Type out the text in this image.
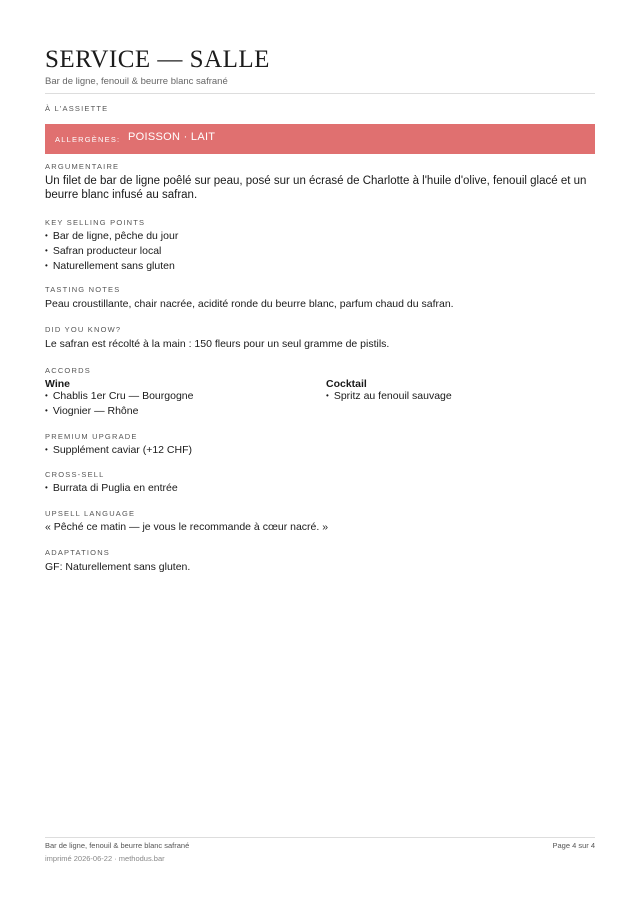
SERVICE — SALLE
Bar de ligne, fenouil & beurre blanc safrané
À L'ASSIETTE
ALLERGÈNES: POISSON · LAIT
ARGUMENTAIRE
Un filet de bar de ligne poêlé sur peau, posé sur un écrasé de Charlotte à l'huile d'olive, fenouil glacé et un beurre blanc infusé au safran.
KEY SELLING POINTS
• Bar de ligne, pêche du jour
• Safran producteur local
• Naturellement sans gluten
TASTING NOTES
Peau croustillante, chair nacrée, acidité ronde du beurre blanc, parfum chaud du safran.
DID YOU KNOW?
Le safran est récolté à la main : 150 fleurs pour un seul gramme de pistils.
ACCORDS
Wine
• Chablis 1er Cru — Bourgogne
• Viognier — Rhône
Cocktail
• Spritz au fenouil sauvage
PREMIUM UPGRADE
• Supplément caviar (+12 CHF)
CROSS-SELL
• Burrata di Puglia en entrée
UPSELL LANGUAGE
« Pêché ce matin — je vous le recommande à cœur nacré. »
ADAPTATIONS
GF: Naturellement sans gluten.
Bar de ligne, fenouil & beurre blanc safrané
imprimé 2026-06-22 · methodus.bar
Page 4 sur 4
